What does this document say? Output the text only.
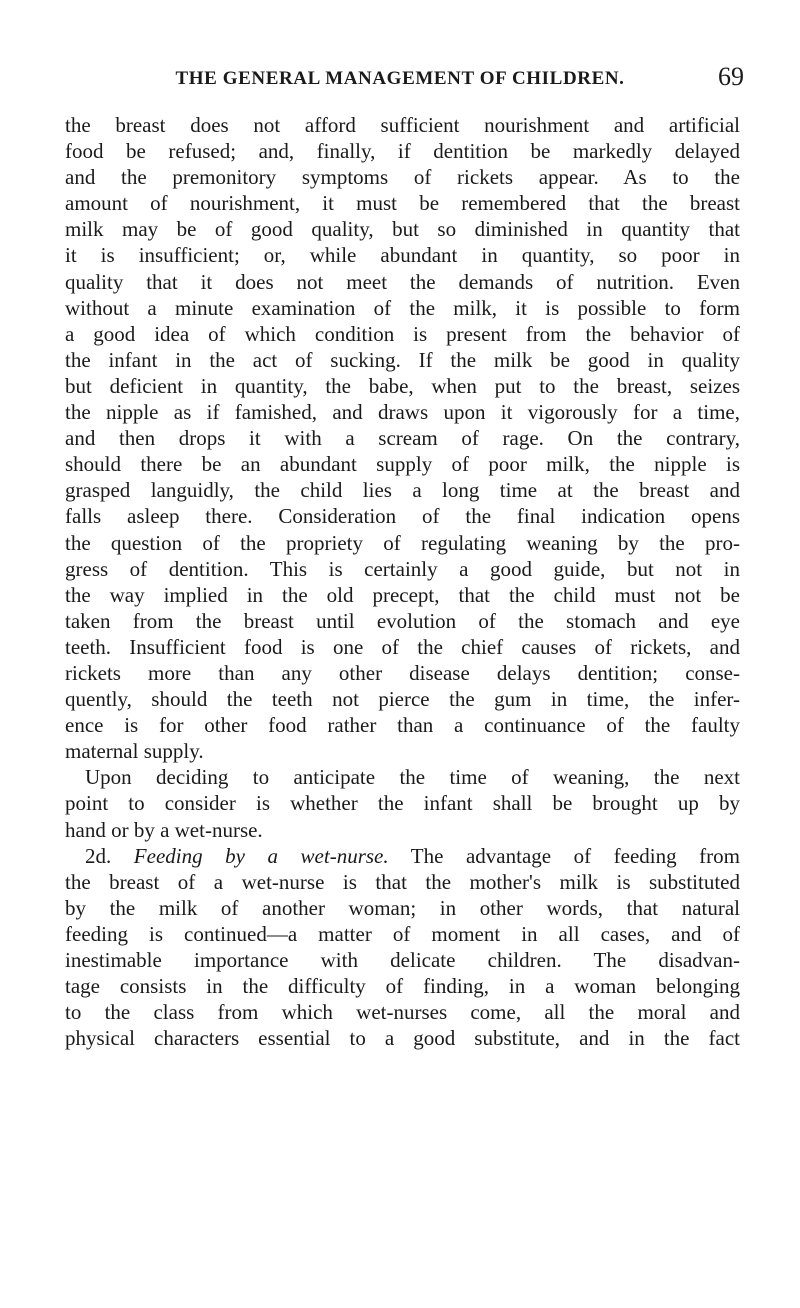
THE GENERAL MANAGEMENT OF CHILDREN.	69
the breast does not afford sufficient nourishment and artificial
food be refused; and, finally, if dentition be markedly delayed
and the premonitory symptoms of rickets appear. As to the
amount of nourishment, it must be remembered that the breast
milk may be of good quality, but so diminished in quantity that
it is insufficient; or, while abundant in quantity, so poor in
quality that it does not meet the demands of nutrition. Even
without a minute examination of the milk, it is possible to form
a good idea of which condition is present from the behavior of
the infant in the act of sucking. If the milk be good in quality
but deficient in quantity, the babe, when put to the breast, seizes
the nipple as if famished, and draws upon it vigorously for a time,
and then drops it with a scream of rage. On the contrary,
should there be an abundant supply of poor milk, the nipple is
grasped languidly, the child lies a long time at the breast and
falls asleep there. Consideration of the final indication opens
the question of the propriety of regulating weaning by the pro-
gress of dentition. This is certainly a good guide, but not in
the way implied in the old precept, that the child must not be
taken from the breast until evolution of the stomach and eye
teeth. Insufficient food is one of the chief causes of rickets, and
rickets more than any other disease delays dentition; conse-
quently, should the teeth not pierce the gum in time, the infer-
ence is for other food rather than a continuance of the faulty
maternal supply.
Upon deciding to anticipate the time of weaning, the next
point to consider is whether the infant shall be brought up by
hand or by a wet-nurse.
2d. Feeding by a wet-nurse. The advantage of feeding from
the breast of a wet-nurse is that the mother's milk is substituted
by the milk of another woman; in other words, that natural
feeding is continued—a matter of moment in all cases, and of
inestimable importance with delicate children. The disadvan-
tage consists in the difficulty of finding, in a woman belonging
to the class from which wet-nurses come, all the moral and
physical characters essential to a good substitute, and in the fact
